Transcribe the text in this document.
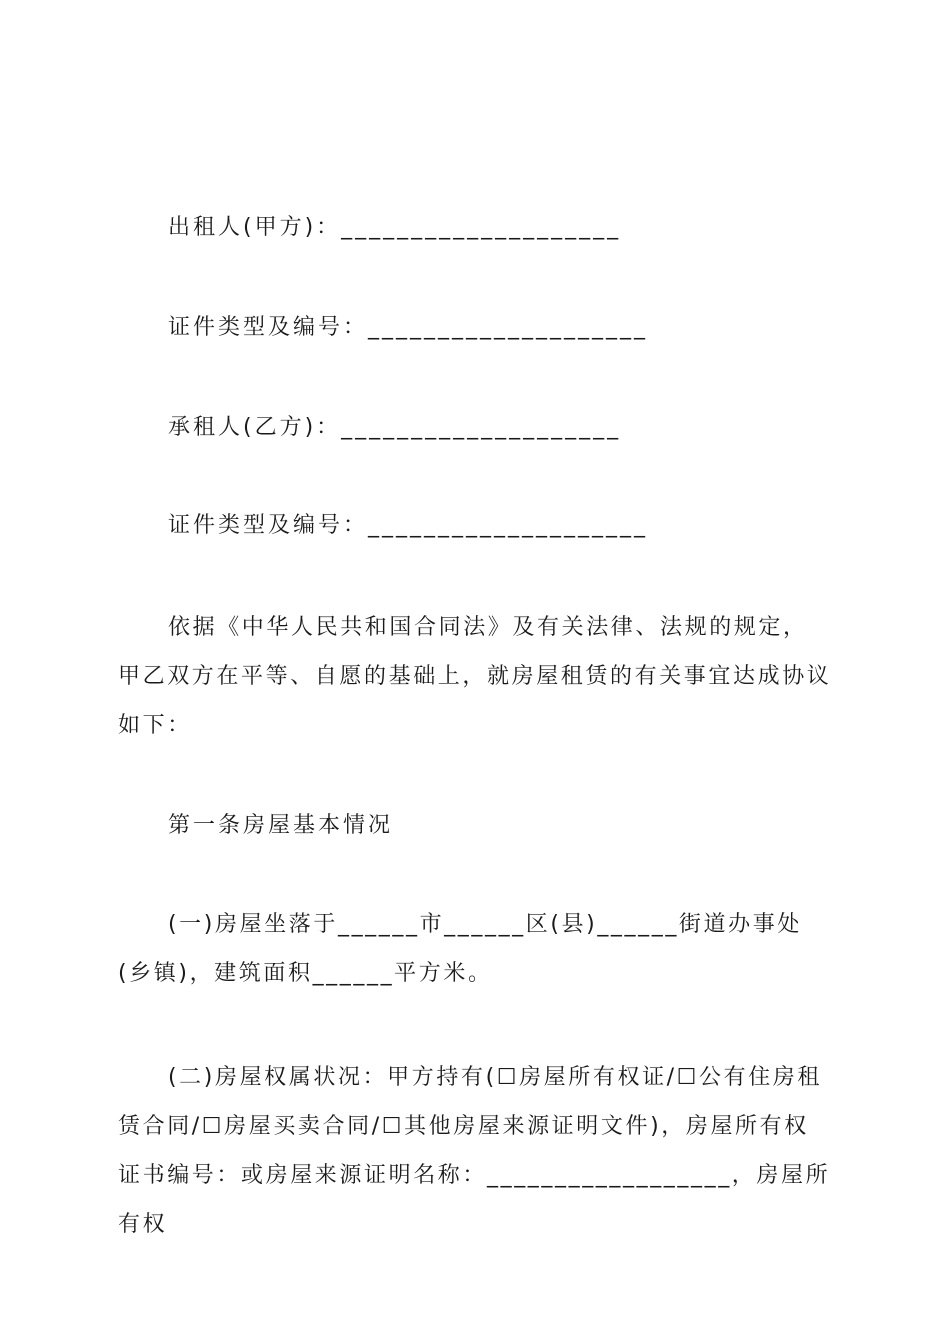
出租人(甲方)：____________________
证件类型及编号：____________________
承租人(乙方)：____________________
证件类型及编号：____________________
依据《中华人民共和国合同法》及有关法律、法规的规定，甲乙双方在平等、自愿的基础上，就房屋租赁的有关事宜达成协议如下：
第一条房屋基本情况
(一)房屋坐落于______市______区(县)______街道办事处(乡镇)，建筑面积______平方米。
(二)房屋权属状况：甲方持有(☐房屋所有权证/☐公有住房租赁合同/☐房屋买卖合同/☐其他房屋来源证明文件)，房屋所有权证书编号：或房屋来源证明名称：__________________，房屋所有权
